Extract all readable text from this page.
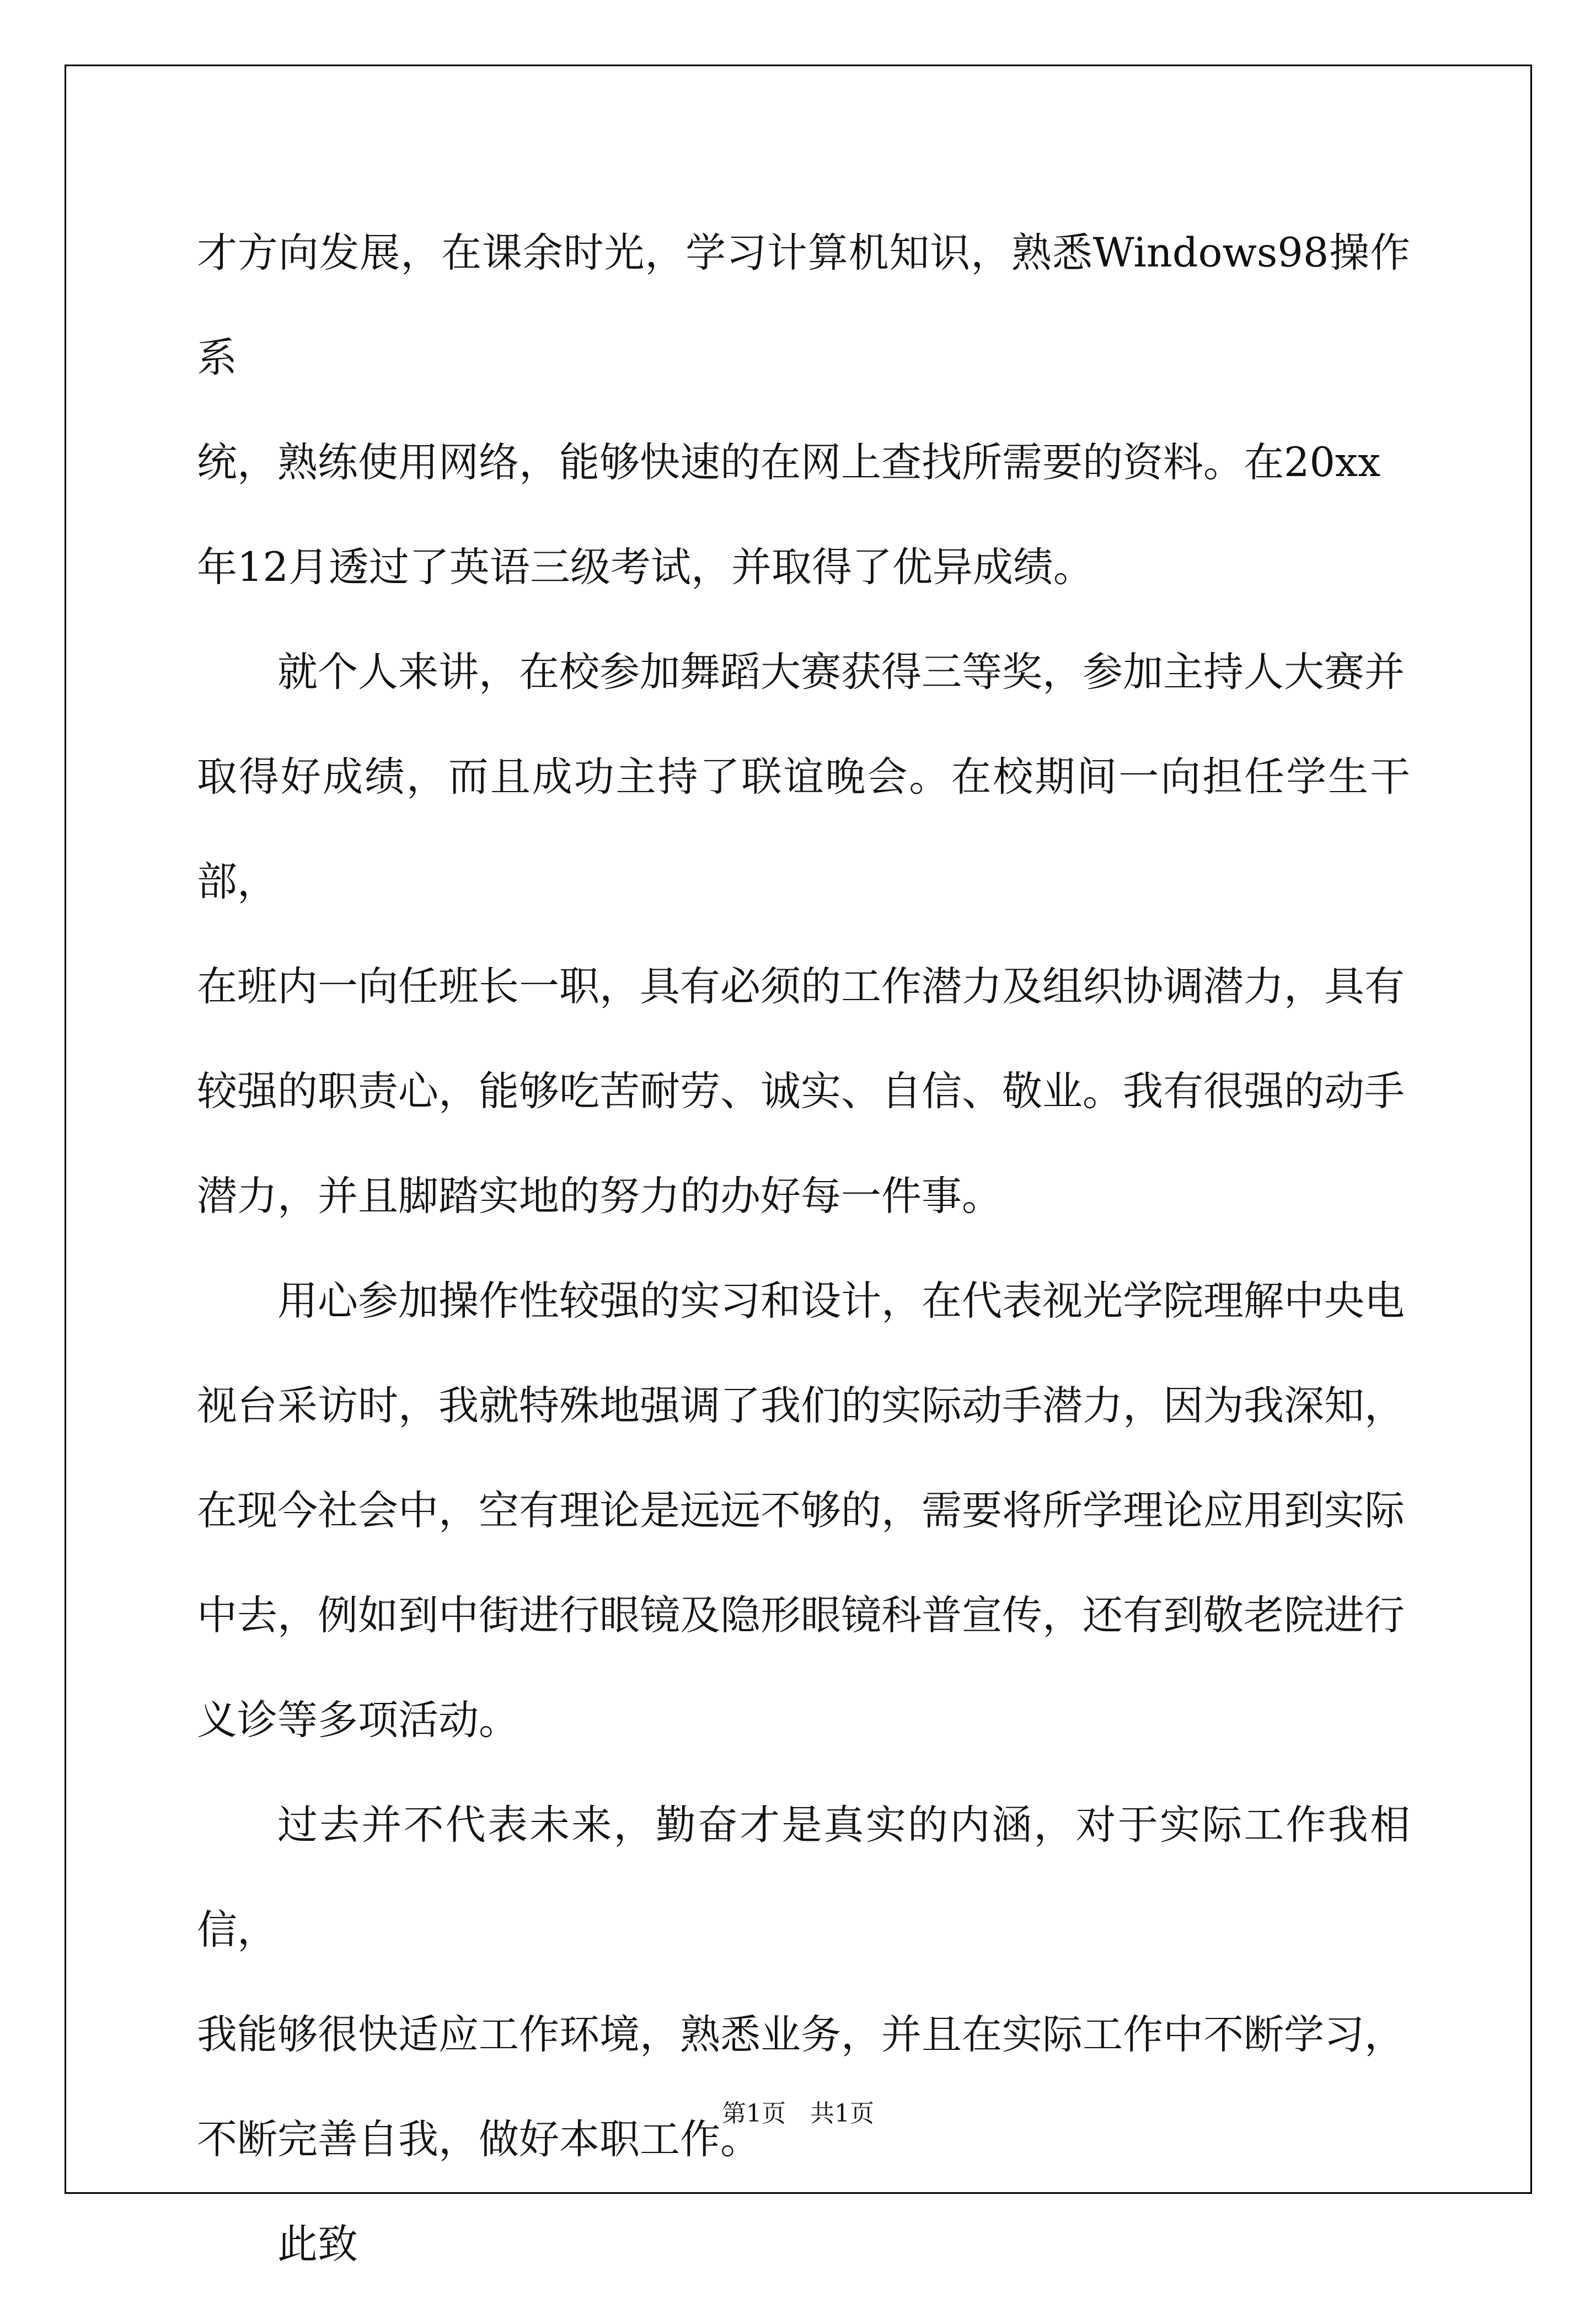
才方向发展，在课余时光，学习计算机知识，熟悉Windows98操作系
统，熟练使用网络，能够快速的在网上查找所需要的资料。在20xx
年12月透过了英语三级考试，并取得了优异成绩。

就个人来讲，在校参加舞蹈大赛获得三等奖，参加主持人大赛并
取得好成绩，而且成功主持了联谊晚会。在校期间一向担任学生干部，
在班内一向任班长一职，具有必须的工作潜力及组织协调潜力，具有
较强的职责心，能够吃苦耐劳、诚实、自信、敬业。我有很强的动手
潜力，并且脚踏实地的努力的办好每一件事。

用心参加操作性较强的实习和设计，在代表视光学院理解中央电
视台采访时，我就特殊地强调了我们的实际动手潜力，因为我深知，
在现今社会中，空有理论是远远不够的，需要将所学理论应用到实际
中去，例如到中街进行眼镜及隐形眼镜科普宣传，还有到敬老院进行
义诊等多项活动。

过去并不代表未来，勤奋才是真实的内涵，对于实际工作我相信，
我能够很快适应工作环境，熟悉业务，并且在实际工作中不断学习，
不断完善自我，做好本职工作。

此致

第1页　共1页
